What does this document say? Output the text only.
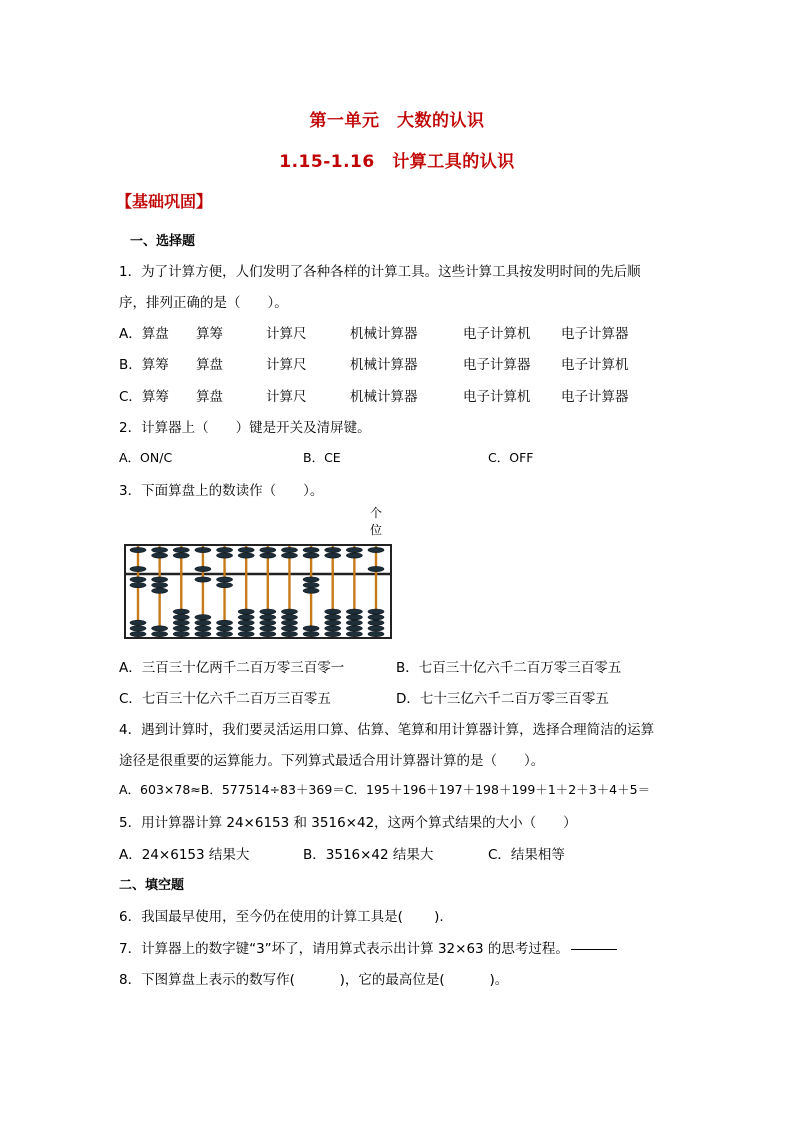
第一单元　大数的认识
1.15-1.16　计算工具的认识
【基础巩固】
一、选择题
1．为了计算方便，人们发明了各种各样的计算工具。这些计算工具按发明时间的先后顺
序，排列正确的是（　　）。
A．算盘 算筹	计算尺	机械计算器	电子计算机 电子计算器
B．算筹 算盘	计算尺	机械计算器	电子计算器 电子计算机
C．算筹 算盘	计算尺	机械计算器	电子计算机 电子计算器
2．计算器上（　　）键是开关及清屏键。
A．ON/C	B．CE	C．OFF
3．下面算盘上的数读作（　　）。
个位
A．三百三十亿两千二百万零三百零一	B．七百三十亿六千二百万零三百零五
C．七百三十亿六千二百万三百零五	D．七十三亿六千二百万零三百零五
4．遇到计算时，我们要灵活运用口算、估算、笔算和用计算器计算，选择合理简洁的运算
途径是很重要的运算能力。下列算式最适合用计算器计算的是（　　）。
A．603×78≈B．577514÷83＋369＝C．195＋196＋197＋198＋199＋1＋2＋3＋4＋5＝
5．用计算器计算 24×6153 和 3516×42，这两个算式结果的大小（　　）
A．24×6153 结果大	B．3516×42 结果大	C．结果相等
二、填空题
6．我国最早使用，至今仍在使用的计算工具是(　　 ).
7．计算器上的数字键“3”坏了，请用算式表示出计算 32×63 的思考过程。
8．下图算盘上表示的数写作(　　　 )，它的最高位是(　　　 )。
